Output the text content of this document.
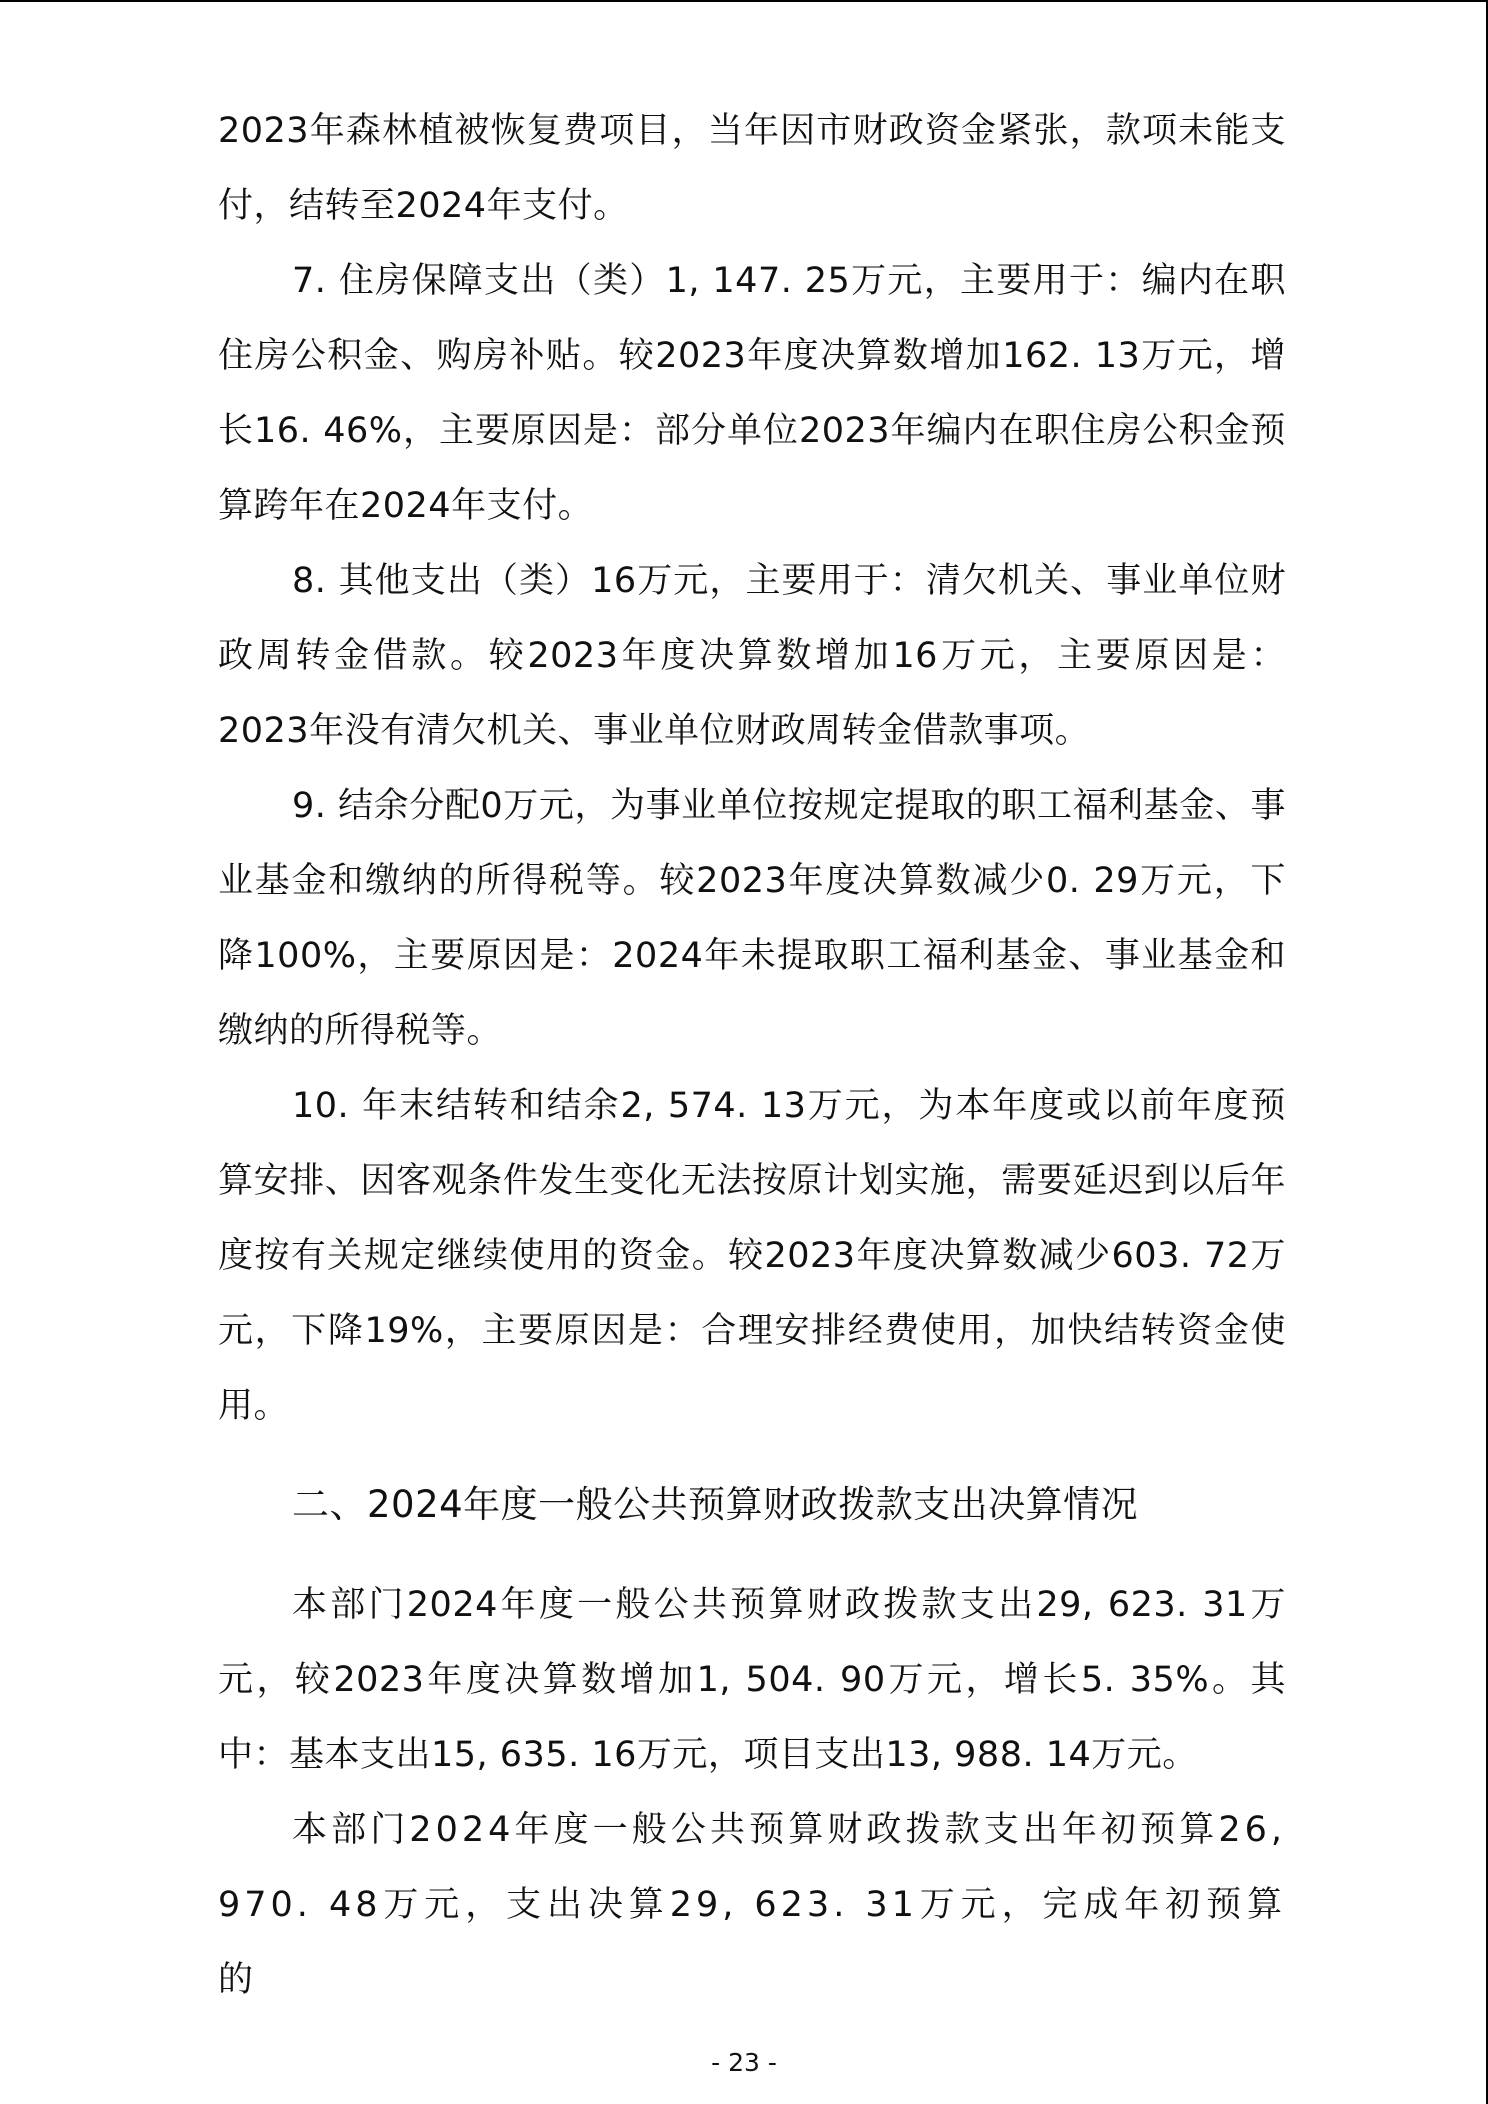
2023年森林植被恢复费项目，当年因市财政资金紧张，款项未能支付，结转至2024年支付。

7. 住房保障支出（类）1, 147. 25万元，主要用于：编内在职住房公积金、购房补贴。较2023年度决算数增加162. 13万元，增长16. 46%，主要原因是：部分单位2023年编内在职住房公积金预算跨年在2024年支付。

8. 其他支出（类）16万元，主要用于：清欠机关、事业单位财政周转金借款。较2023年度决算数增加16万元，主要原因是：2023年没有清欠机关、事业单位财政周转金借款事项。

9. 结余分配0万元，为事业单位按规定提取的职工福利基金、事业基金和缴纳的所得税等。较2023年度决算数减少0. 29万元，下降100%，主要原因是：2024年未提取职工福利基金、事业基金和缴纳的所得税等。

10. 年末结转和结余2, 574. 13万元，为本年度或以前年度预算安排、因客观条件发生变化无法按原计划实施，需要延迟到以后年度按有关规定继续使用的资金。较2023年度决算数减少603. 72万元，下降19%，主要原因是：合理安排经费使用，加快结转资金使用。

二、2024年度一般公共预算财政拨款支出决算情况

本部门2024年度一般公共预算财政拨款支出29, 623. 31万元，较2023年度决算数增加1, 504. 90万元，增长5. 35%。其中：基本支出15, 635. 16万元，项目支出13, 988. 14万元。

本部门2024年度一般公共预算财政拨款支出年初预算26, 970. 48万元，支出决算29, 623. 31万元，完成年初预算的

- 23 -
